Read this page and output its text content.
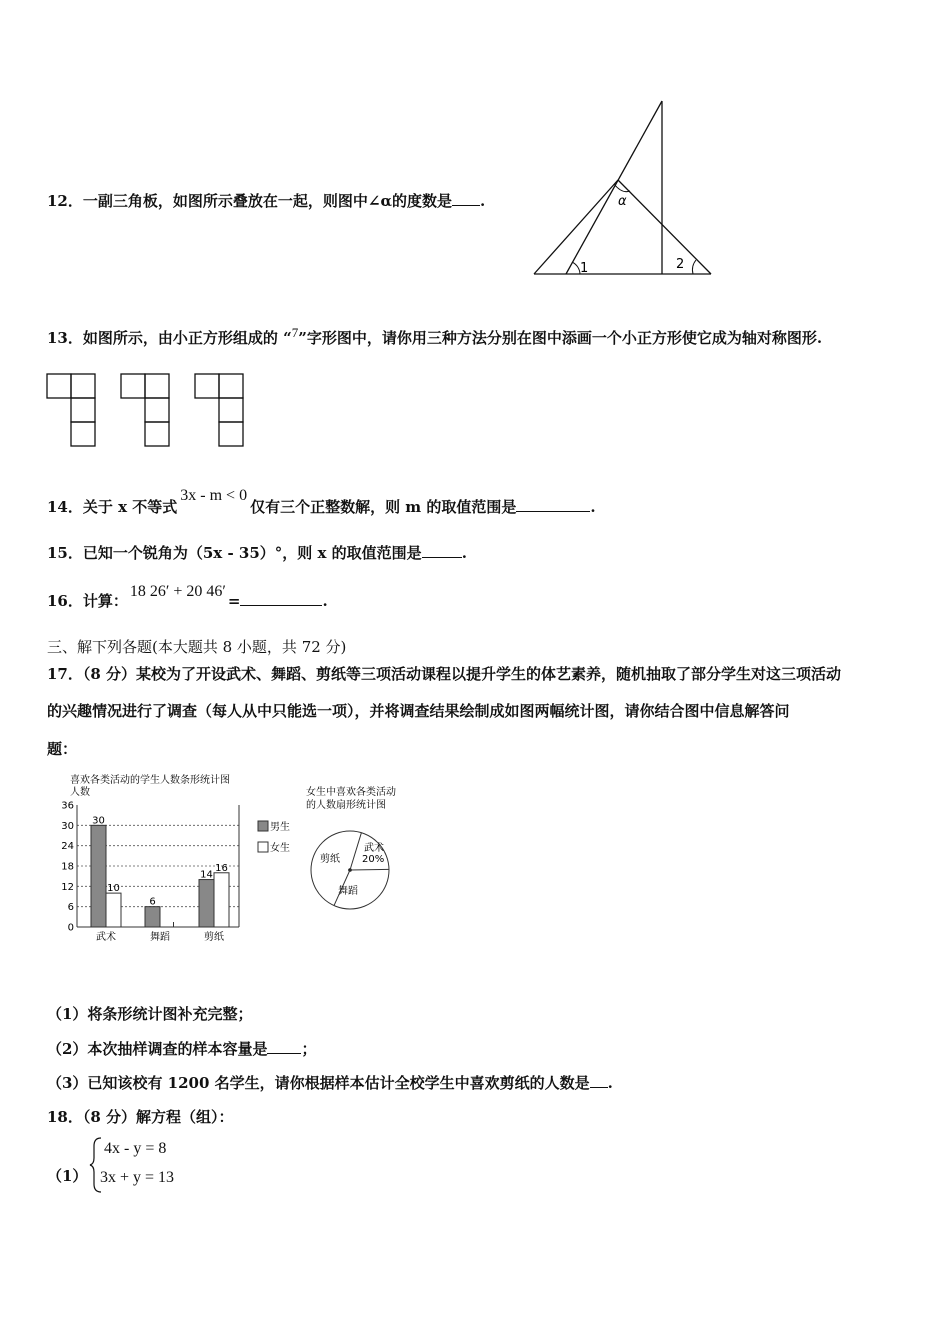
12．一副三角板，如图所示叠放在一起，则图中∠α的度数是 .	α
1	2
13．如图所示，由小正方形组成的 “$^7$”字形图中，请你用三种方法分别在图中添画一个小正方形使它成为轴对称图形.
14．关于 x 不等式3x - m < 0仅有三个正整数解，则 m 的取值范围是	.
15．已知一个锐角为（5x - 35）°，则 x 的取值范围是	.
16．计算：18 26′ + 20 46′=	.
三、解下列各题(本大题共 8 小题，共 72 分)
17．（8 分）某校为了开设武术、舞蹈、剪纸等三项活动课程以提升学生的体艺素养，随机抽取了部分学生对这三项活动
的兴趣情况进行了调查（每人从中只能选一项），并将调查结果绘制成如图两幅统计图，请你结合图中信息解答问
题：
喜欢各类活动的学生人数条形统计图
人数
0
6
12
18
24
30
36
30
10
武术
6
舞蹈
14
16
剪纸
男生
女生
女生中喜欢各类活动
的人数扇形统计图
武术
20%
剪纸
舞蹈
（1）将条形统计图补充完整；
（2）本次抽样调查的样本容量是 ；
（3）已知该校有 1200 名学生，请你根据样本估计全校学生中喜欢剪纸的人数是 .
18．（8 分）解方程（组）：
（1）
4x - y = 8
3x + y = 13
